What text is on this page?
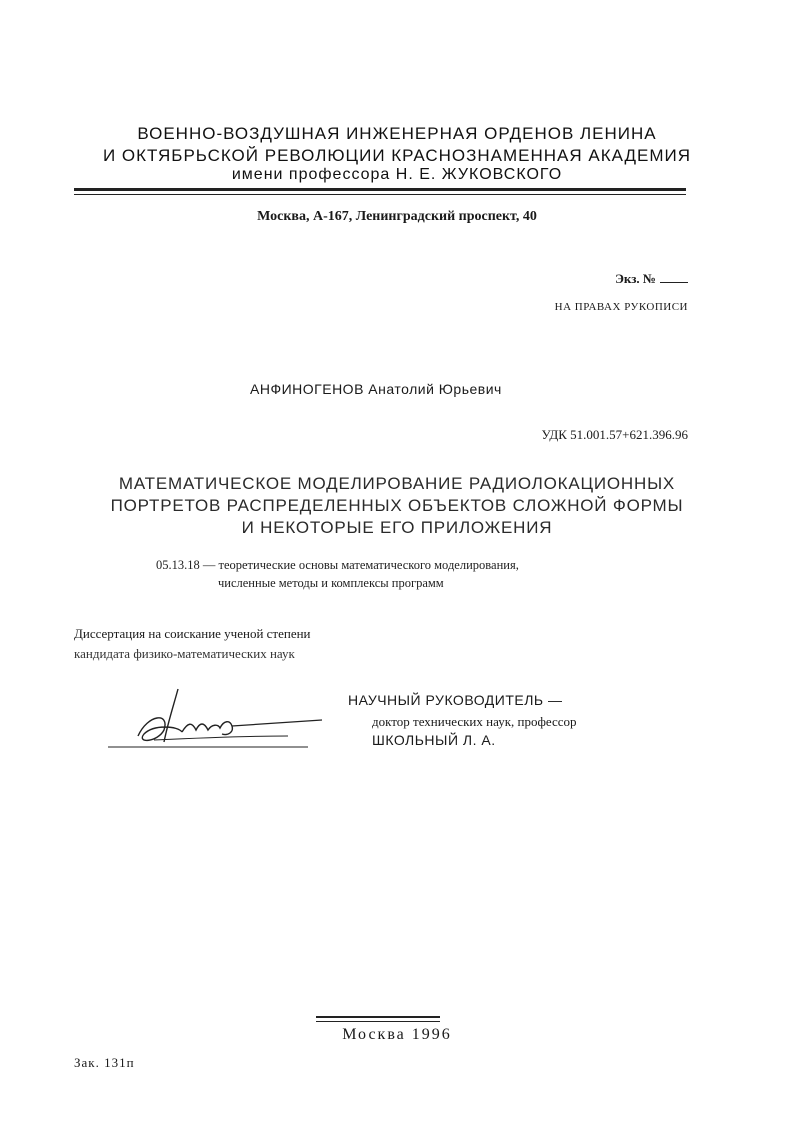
ВОЕННО-ВОЗДУШНАЯ ИНЖЕНЕРНАЯ ОРДЕНОВ ЛЕНИНА
И ОКТЯБРЬСКОЙ РЕВОЛЮЦИИ КРАСНОЗНАМЕННАЯ АКАДЕМИЯ
имени профессора Н. Е. ЖУКОВСКОГО
Москва, А-167, Ленинградский проспект, 40
Экз. №
НА ПРАВАХ РУКОПИСИ
АНФИНОГЕНОВ Анатолий Юрьевич
УДК 51.001.57+621.396.96
МАТЕМАТИЧЕСКОЕ МОДЕЛИРОВАНИЕ РАДИОЛОКАЦИОННЫХ
ПОРТРЕТОВ РАСПРЕДЕЛЕННЫХ ОБЪЕКТОВ СЛОЖНОЙ ФОРМЫ
И НЕКОТОРЫЕ ЕГО ПРИЛОЖЕНИЯ
05.13.18 — теоретические основы математического моделирования,
численные методы и комплексы программ
Диссертация на соискание ученой степени
кандидата физико-математических наук
НАУЧНЫЙ РУКОВОДИТЕЛЬ —
доктор технических наук, профессор
ШКОЛЬНЫЙ Л. А.
Москва 1996
Зак. 131п
